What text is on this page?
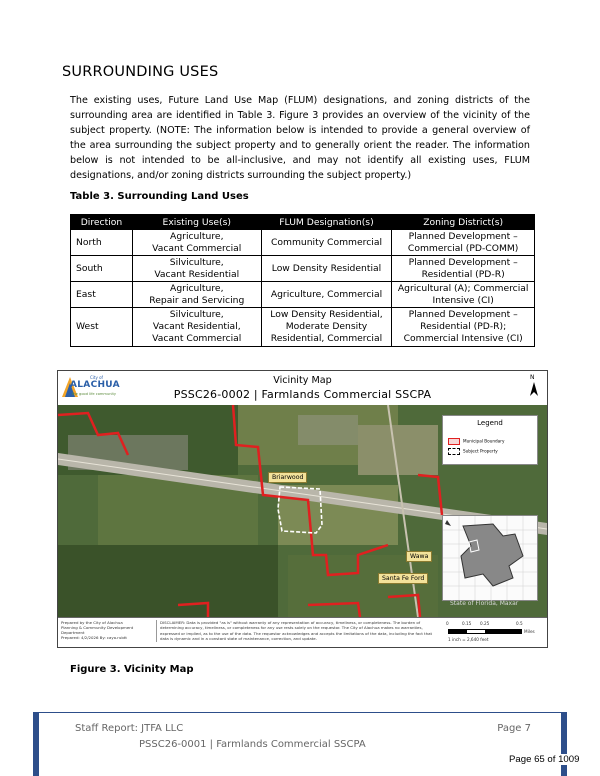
SURROUNDING USES

The existing uses, Future Land Use Map (FLUM) designations, and zoning districts of the surrounding area are identified in Table 3. Figure 3 provides an overview of the vicinity of the subject property. (NOTE: The information below is intended to provide a general overview of the area surrounding the subject property and to generally orient the reader. The information below is not intended to be all-inclusive, and may not identify all existing uses, FLUM designations, and/or zoning districts surrounding the subject property.)

Table 3. Surrounding Land Uses
Direction	Existing Use(s)	FLUM Designation(s)	Zoning District(s)
North	Agriculture,
Vacant Commercial	Community Commercial	Planned Development –
Commercial (PD-COMM)

South	Silviculture,
Vacant Residential	Low Density Residential	Planned Development –
Residential (PD-R)

East	Agriculture,
Repair and Servicing	Agriculture, Commercial	Agricultural (A); Commercial
Intensive (CI)

West	Silviculture,
Vacant Residential,
Vacant Commercial	Low Density Residential,
Moderate Density
Residential, Commercial	Planned Development –
Residential (PD-R);
Commercial Intensive (CI)
City of
ALACHUA
the good life community
Vicinity Map
PSSC26-0002 | Farmlands Commercial SSCPA
N
Legend
Municipal Boundary
Subject Property
Briarwood
Wawa
Santa Fe Ford
State of Florida, Maxar
Prepared by the City of Alachua
Planning & Community Development
Department
Prepared: 4/2/2026 By: cayo.rubtt
DISCLAIMER: Data is provided "as is" without warranty of any representation of accuracy, timeliness, or completeness. The burden of determining accuracy, timeliness, or completeness for any use rests solely on the requestor. The City of Alachua makes no warranties, expressed or implied, as to the use of the data. The requestor acknowledges and accepts the limitations of the data, including the fact that data is dynamic and in a constant state of maintenance, correction, and update.
0	0.15 0.25	0.5
Miles
1 inch = 2,640 feet
Figure 3. Vicinity Map
Staff Report: JTFA LLC	Page 7
PSSC26-0001 | Farmlands Commercial SSCPA
Page 65 of 1009
